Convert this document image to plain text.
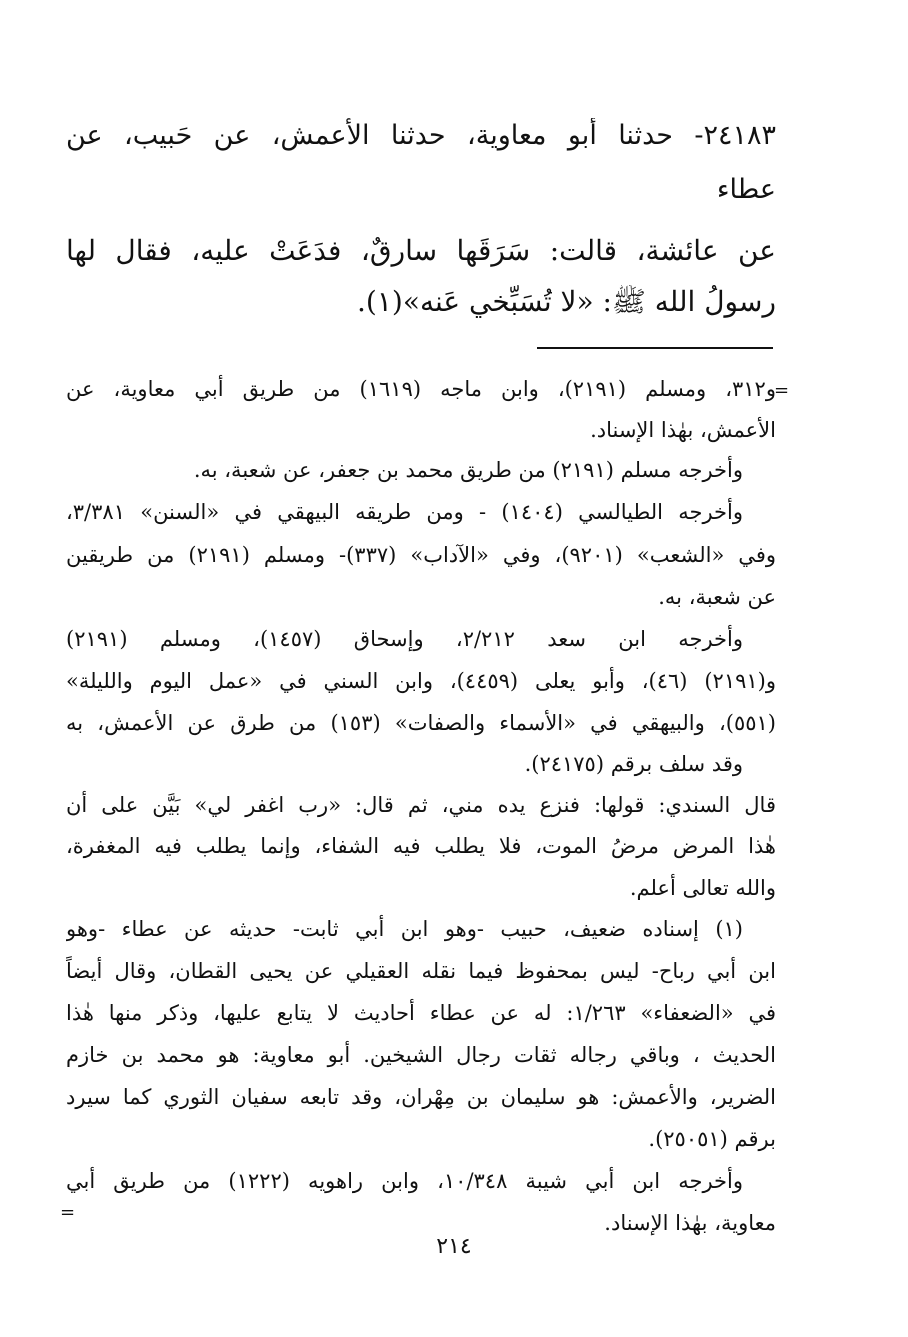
٢٤١٨٣- حدثنا أبو معاوية، حدثنا الأعمش، عن حَبيب، عن
عطاء
عن عائشة، قالت: سَرَقَها سارقٌ، فدَعَتْ عليه، فقال لها
رسولُ الله ﷺ: «لا تُسَبِّخي عَنه»(١).
=
و٣١٢، ومسلم (٢١٩١)، وابن ماجه (١٦١٩) من طريق أبي معاوية، عن
الأعمش، بهٰذا الإسناد.
وأخرجه مسلم (٢١٩١) من طريق محمد بن جعفر، عن شعبة، به.
وأخرجه الطيالسي (١٤٠٤) - ومن طريقه البيهقي في «السنن» ٣/٣٨١،
وفي «الشعب» (٩٢٠١)، وفي «الآداب» (٣٣٧)- ومسلم (٢١٩١) من طريقين
عن شعبة، به.
وأخرجه ابن سعد ٢/٢١٢، وإسحاق (١٤٥٧)، ومسلم (٢١٩١)
و(٢١٩١) (٤٦)، وأبو يعلى (٤٤٥٩)، وابن السني في «عمل اليوم والليلة»
(٥٥١)، والبيهقي في «الأسماء والصفات» (١٥٣) من طرق عن الأعمش، به
وقد سلف برقم (٢٤١٧٥).
قال السندي: قولها: فنزع يده مني، ثم قال: «رب اغفر لي» بَيَّن على أن
هٰذا المرض مرضُ الموت، فلا يطلب فيه الشفاء، وإنما يطلب فيه المغفرة،
والله تعالى أعلم.
(١) إسناده ضعيف، حبيب -وهو ابن أبي ثابت- حديثه عن عطاء -وهو
ابن أبي رباح- ليس بمحفوظ فيما نقله العقيلي عن يحيى القطان، وقال أيضاً
في «الضعفاء» ١/٢٦٣: له عن عطاء أحاديث لا يتابع عليها، وذكر منها هٰذا
الحديث ، وباقي رجاله ثقات رجال الشيخين. أبو معاوية: هو محمد بن خازم
الضرير، والأعمش: هو سليمان بن مِهْران، وقد تابعه سفيان الثوري كما سيرد
برقم (٢٥٠٥١).
وأخرجه ابن أبي شيبة ١٠/٣٤٨، وابن راهويه (١٢٢٢) من طريق أبي
معاوية، بهٰذا الإسناد.
=
٢١٤
